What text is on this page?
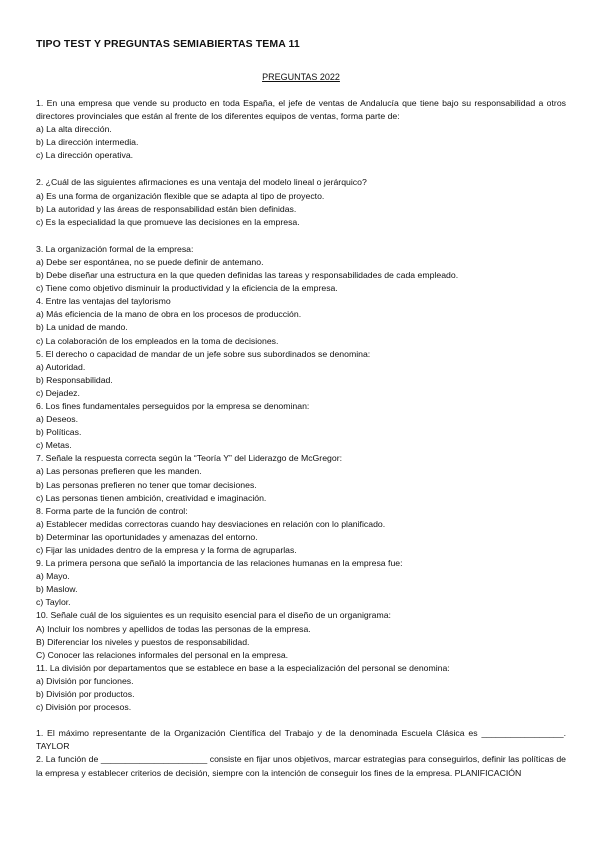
TIPO TEST Y PREGUNTAS SEMIABIERTAS TEMA 11
PREGUNTAS 2022

1. En una empresa que vende su producto en toda España, el jefe de ventas de Andalucía que tiene bajo su responsabilidad a otros directores provinciales que están al frente de los diferentes equipos de ventas, forma parte de:

a) La alta dirección.

b) La dirección intermedia.

c) La dirección operativa.

2. ¿Cuál de las siguientes afirmaciones es una ventaja del modelo lineal o jerárquico?

a) Es una forma de organización flexible que se adapta al tipo de proyecto.

b) La autoridad y las áreas de responsabilidad están bien definidas.

c) Es la especialidad la que promueve las decisiones en la empresa.

3. La organización formal de la empresa:

a) Debe ser espontánea, no se puede definir de antemano.

b) Debe diseñar una estructura en la que queden definidas las tareas y responsabilidades de cada empleado.

c) Tiene como objetivo disminuir la productividad y la eficiencia de la empresa.

4. Entre las ventajas del taylorismo

a) Más eficiencia de la mano de obra en los procesos de producción.

b) La unidad de mando.

c) La colaboración de los empleados en la toma de decisiones.

5. El derecho o capacidad de mandar de un jefe sobre sus subordinados se denomina:

a) Autoridad.

b) Responsabilidad.

c) Dejadez.

6. Los fines fundamentales perseguidos por la empresa se denominan:

a) Deseos.

b) Políticas.

c) Metas.

7. Señale la respuesta correcta según la “Teoría Y” del Liderazgo de McGregor:

a) Las personas prefieren que les manden.

b) Las personas prefieren no tener que tomar decisiones.

c) Las personas tienen ambición, creatividad e imaginación.

8. Forma parte de la función de control:

a) Establecer medidas correctoras cuando hay desviaciones en relación con lo planificado.

b) Determinar las oportunidades y amenazas del entorno.

c) Fijar las unidades dentro de la empresa y la forma de agruparlas.

9. La primera persona que señaló la importancia de las relaciones humanas en la empresa fue:

a) Mayo.

b) Maslow.

c) Taylor.

10. Señale cuál de los siguientes es un requisito esencial para el diseño de un organigrama:

A) Incluir los nombres y apellidos de todas las personas de la empresa.

B) Diferenciar los niveles y puestos de responsabilidad.

C) Conocer las relaciones informales del personal en la empresa.

11. La división por departamentos que se establece en base a la especialización del personal se denomina:

a) División por funciones.

b) División por productos.

c) División por procesos.

1. El máximo representante de la Organización Científica del Trabajo y de la denominada Escuela Clásica es _________________. TAYLOR
2. La función de ______________________ consiste en fijar unos objetivos, marcar estrategias para conseguirlos, definir las políticas de la empresa y establecer criterios de decisión, siempre con la intención de conseguir los fines de la empresa. PLANIFICACIÓN
